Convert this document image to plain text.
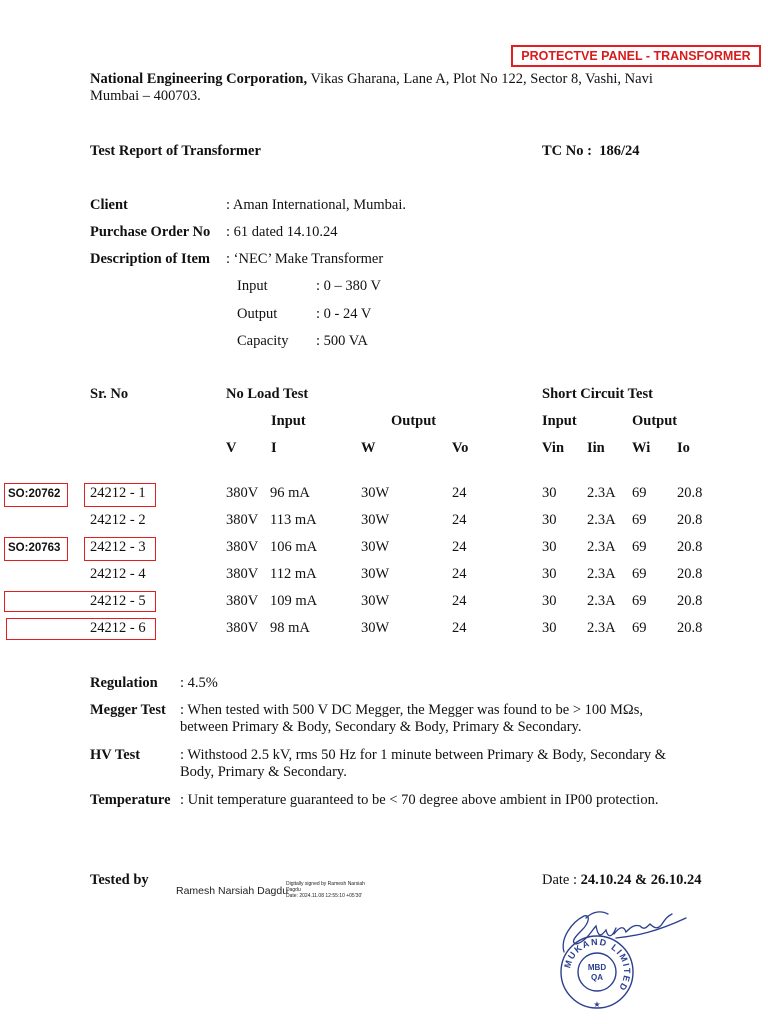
PROTECTVE PANEL - TRANSFORMER
National Engineering Corporation, Vikas Gharana, Lane A, Plot No 122, Sector 8, Vashi, Navi
Mumbai – 400703.
Test Report of Transformer	TC No : 186/24
Client	: Aman International, Mumbai.
Purchase Order No : 61 dated 14.10.24
Description of Item : ‘NEC’ Make Transformer
Input	: 0 – 380 V
Output	: 0 - 24 V
Capacity : 500 VA
Sr. No	No Load Test	Short Circuit Test
Input	Output	Input	Output
V I	W	Vo	Vin Iin Wi Io
24212 - 1	380V 96 mA	30W	24	30 2.3A 69 20.8
24212 - 2	380V 113 mA	30W	24	30 2.3A 69 20.8
24212 - 3	380V 106 mA	30W	24	30 2.3A 69 20.8
24212 - 4	380V 112 mA	30W	24	30 2.3A 69 20.8
24212 - 5	380V 109 mA	30W	24	30 2.3A 69 20.8
24212 - 6	380V 98 mA	30W	24	30 2.3A 69 20.8
SO:20762
SO:20763
Regulation : 4.5%
Megger Test : When tested with 500 V DC Megger, the Megger was found to be > 100 MΩs,
between Primary & Body, Secondary & Body, Primary & Secondary.
HV Test	: Withstood 2.5 kV, rms 50 Hz for 1 minute between Primary & Body, Secondary &
Body, Primary & Secondary.
Temperature : Unit temperature guaranteed to be < 70 degree above ambient in IP00 protection.
Tested by
Ramesh Narsiah Dagdu
Digitally signed by Ramesh Narsiah
Dagdu
Date: 2024.11.08 12:55:10 +05'30'
Date : 24.10.24 & 26.10.24
MUKAND LIMITED
MBD
QA
★
